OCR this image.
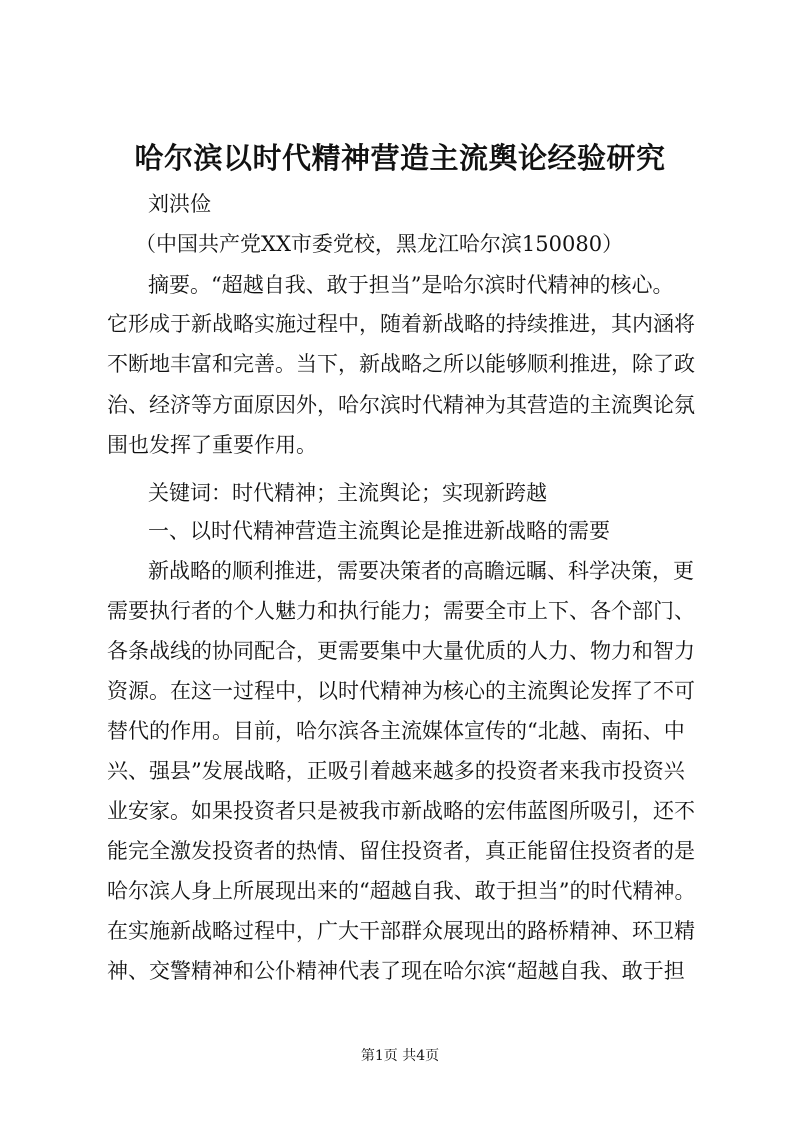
哈尔滨以时代精神营造主流舆论经验研究
刘洪俭
（中国共产党XX市委党校，黑龙江哈尔滨150080）
摘要。“超越自我、敢于担当”是哈尔滨时代精神的核心。
它形成于新战略实施过程中，随着新战略的持续推进，其内涵将
不断地丰富和完善。当下，新战略之所以能够顺利推进，除了政
治、经济等方面原因外，哈尔滨时代精神为其营造的主流舆论氛
围也发挥了重要作用。
关键词：时代精神；主流舆论；实现新跨越
一、以时代精神营造主流舆论是推进新战略的需要
新战略的顺利推进，需要决策者的高瞻远瞩、科学决策，更
需要执行者的个人魅力和执行能力；需要全市上下、各个部门、
各条战线的协同配合，更需要集中大量优质的人力、物力和智力
资源。在这一过程中，以时代精神为核心的主流舆论发挥了不可
替代的作用。目前，哈尔滨各主流媒体宣传的“北越、南拓、中
兴、强县”发展战略，正吸引着越来越多的投资者来我市投资兴
业安家。如果投资者只是被我市新战略的宏伟蓝图所吸引，还不
能完全激发投资者的热情、留住投资者，真正能留住投资者的是
哈尔滨人身上所展现出来的“超越自我、敢于担当”的时代精神。
在实施新战略过程中，广大干部群众展现出的路桥精神、环卫精
神、交警精神和公仆精神代表了现在哈尔滨“超越自我、敢于担
第1页 共4页
